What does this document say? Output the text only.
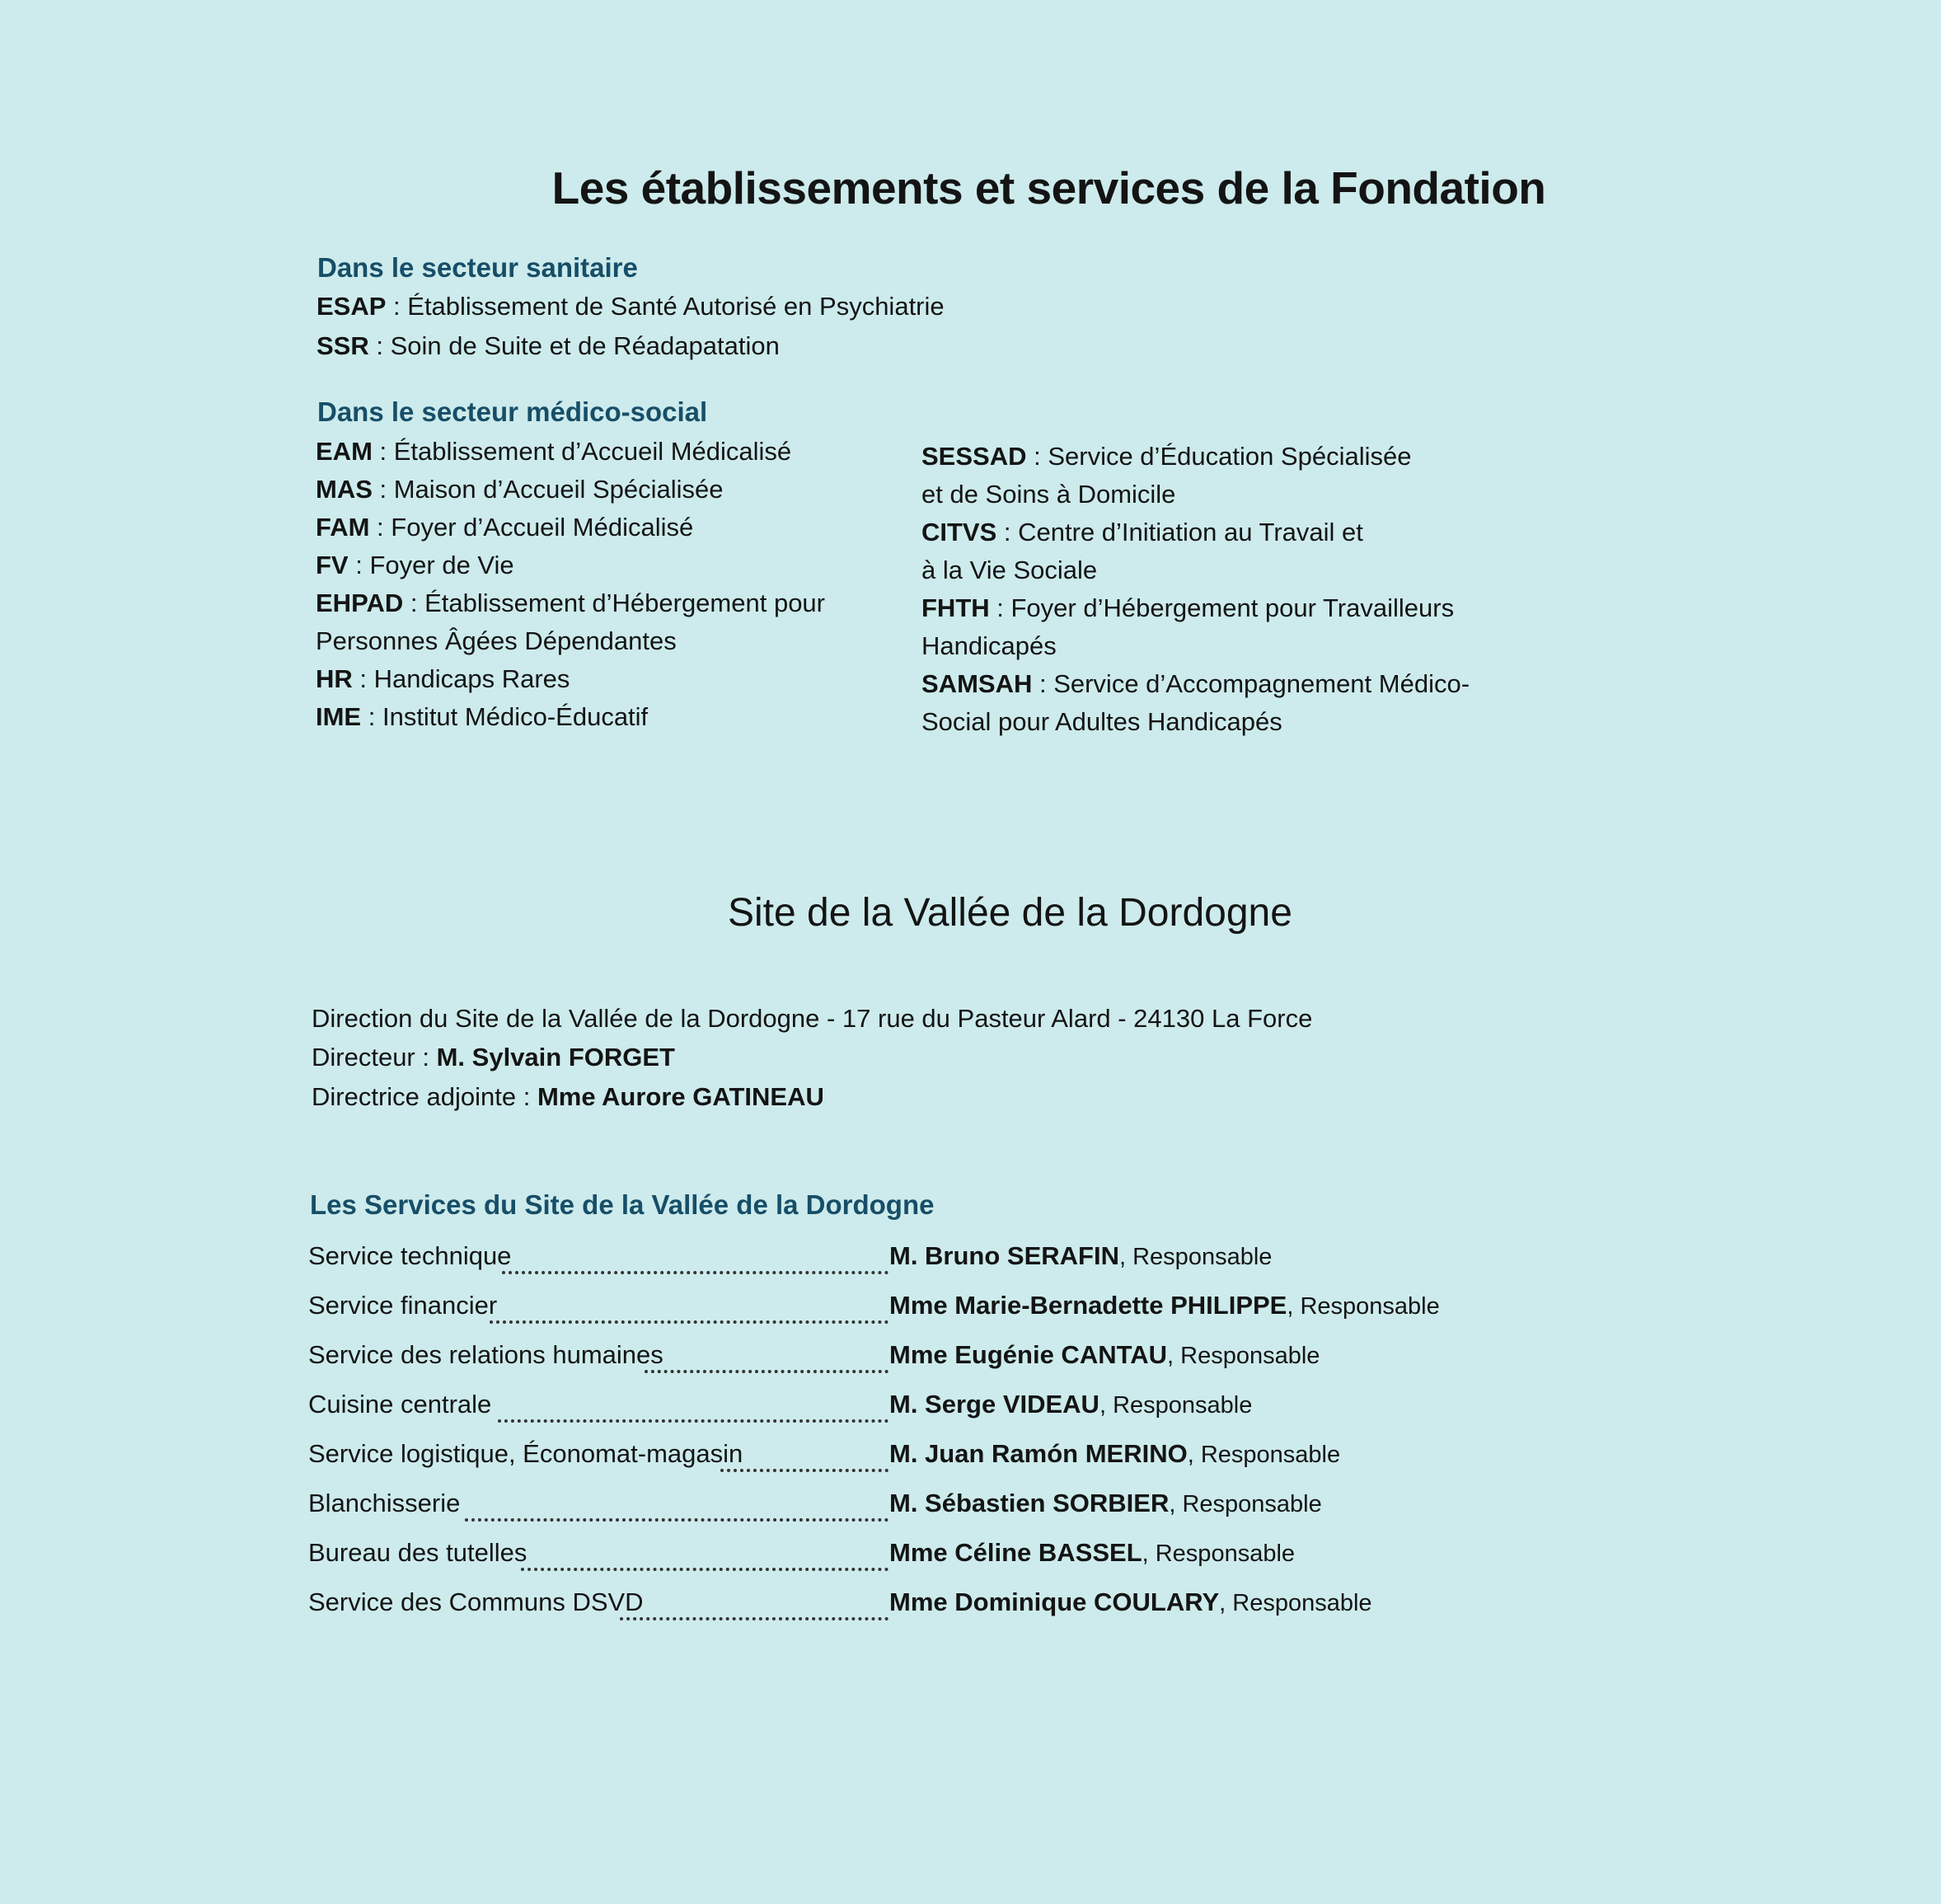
Les établissements et services de la Fondation
Dans le secteur sanitaire
ESAP : Établissement de Santé Autorisé en Psychiatrie
SSR : Soin de Suite et de Réadapatation
Dans le secteur médico-social
EAM : Établissement d’Accueil Médicalisé
MAS : Maison d’Accueil Spécialisée
FAM : Foyer d’Accueil Médicalisé
FV : Foyer de Vie
EHPAD : Établissement d’Hébergement pour
Personnes Âgées Dépendantes
HR : Handicaps Rares
IME : Institut Médico-Éducatif
SESSAD : Service d’Éducation Spécialisée
et de Soins à Domicile
CITVS : Centre d’Initiation au Travail et
à la Vie Sociale
FHTH : Foyer d’Hébergement pour Travailleurs
Handicapés
SAMSAH : Service d’Accompagnement Médico-
Social pour Adultes Handicapés
Site de la Vallée de la Dordogne
Direction du Site de la Vallée de la Dordogne - 17 rue du Pasteur Alard - 24130 La Force
Directeur : M. Sylvain FORGET
Directrice adjointe : Mme Aurore GATINEAU
Les Services du Site de la Vallée de la Dordogne
Service technique	M. Bruno SERAFIN, Responsable
Service financier	Mme Marie-Bernadette PHILIPPE, Responsable
Service des relations humaines	Mme Eugénie CANTAU, Responsable
Cuisine centrale	M. Serge VIDEAU, Responsable
Service logistique, Économat-magasin	M. Juan Ramón MERINO, Responsable
Blanchisserie	M. Sébastien SORBIER, Responsable
Bureau des tutelles	Mme Céline BASSEL, Responsable
Service des Communs DSVD	Mme Dominique COULARY, Responsable
